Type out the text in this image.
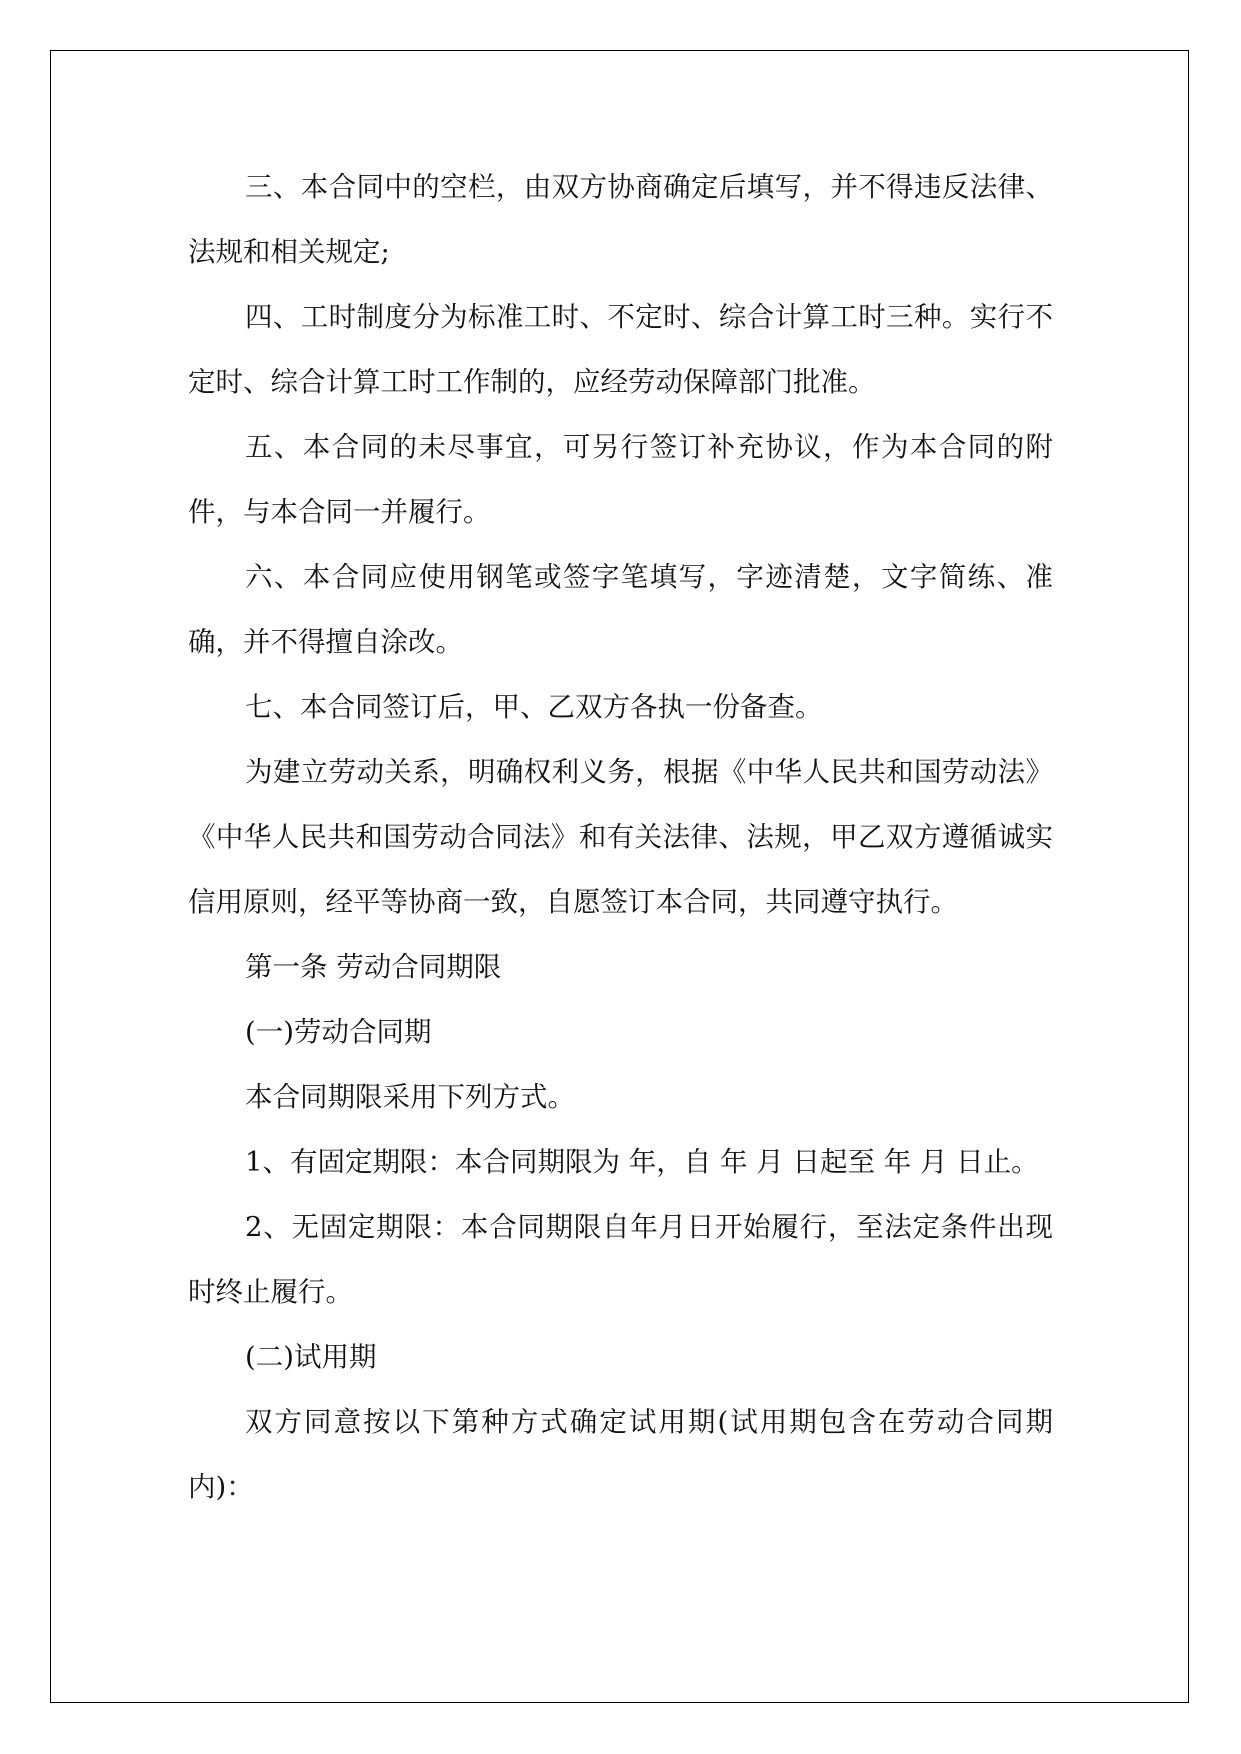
三、本合同中的空栏，由双方协商确定后填写，并不得违反法律、法规和相关规定;

四、工时制度分为标准工时、不定时、综合计算工时三种。实行不定时、综合计算工时工作制的，应经劳动保障部门批准。

五、本合同的未尽事宜，可另行签订补充协议，作为本合同的附件，与本合同一并履行。

六、本合同应使用钢笔或签字笔填写，字迹清楚，文字简练、准确，并不得擅自涂改。

七、本合同签订后，甲、乙双方各执一份备查。

为建立劳动关系，明确权利义务，根据《中华人民共和国劳动法》《中华人民共和国劳动合同法》和有关法律、法规，甲乙双方遵循诚实信用原则，经平等协商一致，自愿签订本合同，共同遵守执行。

第一条 劳动合同期限

(一)劳动合同期

本合同期限采用下列方式。

1、有固定期限：本合同期限为 年，自 年 月 日起至 年 月 日止。

2、无固定期限：本合同期限自年月日开始履行，至法定条件出现时终止履行。

(二)试用期

双方同意按以下第种方式确定试用期(试用期包含在劳动合同期内)：
